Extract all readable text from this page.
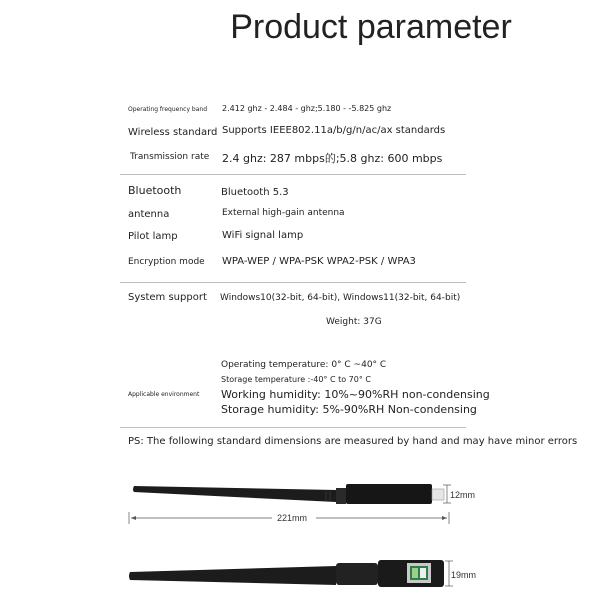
Product parameter
Operating frequency band 2.412 ghz - 2.484 - ghz;5.180 - -5.825 ghz
Wireless standard Supports IEEE802.11a/b/g/n/ac/ax standards
Transmission rate 2.4 ghz: 287 mbps的;5.8 ghz: 600 mbps
Bluetooth	Bluetooth 5.3
antenna	External high-gain antenna
Pilot lamp	WiFi signal lamp
Encryption mode WPA-WEP / WPA-PSK WPA2-PSK / WPA3
System support Windows10(32-bit, 64-bit), Windows11(32-bit, 64-bit)
Weight: 37G
Applicable environment
Operating temperature: 0° C ~40° C
Storage temperature :-40° C to 70° C
Working humidity: 10%~90%RH non-condensing
Storage humidity: 5%-90%RH Non-condensing
PS: The following standard dimensions are measured by hand and may have minor errors
12mm
221mm
19mm
